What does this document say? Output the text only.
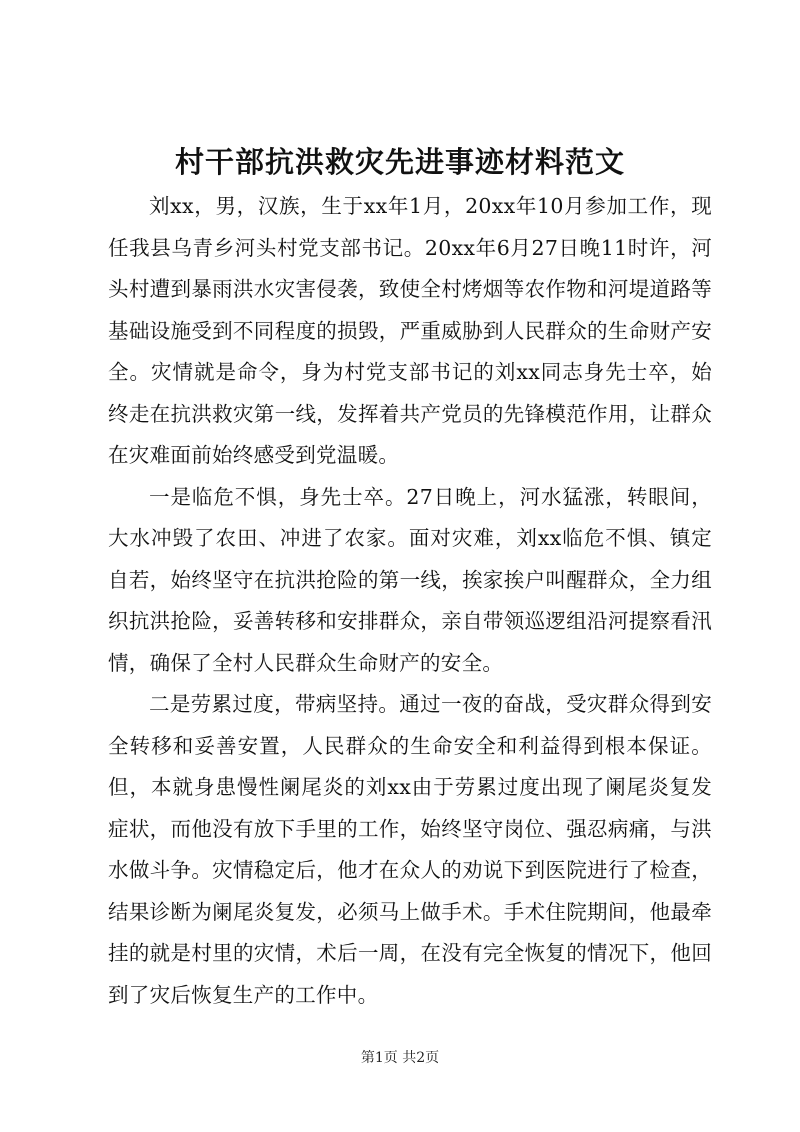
村干部抗洪救灾先进事迹材料范文

刘xx，男，汉族，生于xx年1月，20xx年10月参加工作，现任我县乌青乡河头村党支部书记。20xx年6月27日晚11时许，河头村遭到暴雨洪水灾害侵袭，致使全村烤烟等农作物和河堤道路等基础设施受到不同程度的损毁，严重威胁到人民群众的生命财产安全。灾情就是命令，身为村党支部书记的刘xx同志身先士卒，始终走在抗洪救灾第一线，发挥着共产党员的先锋模范作用，让群众在灾难面前始终感受到党温暖。

一是临危不惧，身先士卒。27日晚上，河水猛涨，转眼间，大水冲毁了农田、冲进了农家。面对灾难，刘xx临危不惧、镇定自若，始终坚守在抗洪抢险的第一线，挨家挨户叫醒群众，全力组织抗洪抢险，妥善转移和安排群众，亲自带领巡逻组沿河提察看汛情，确保了全村人民群众生命财产的安全。

二是劳累过度，带病坚持。通过一夜的奋战，受灾群众得到安全转移和妥善安置，人民群众的生命安全和利益得到根本保证。但，本就身患慢性阑尾炎的刘xx由于劳累过度出现了阑尾炎复发症状，而他没有放下手里的工作，始终坚守岗位、强忍病痛，与洪水做斗争。灾情稳定后，他才在众人的劝说下到医院进行了检查，结果诊断为阑尾炎复发，必须马上做手术。手术住院期间，他最牵挂的就是村里的灾情，术后一周，在没有完全恢复的情况下，他回到了灾后恢复生产的工作中。

第1页 共2页
